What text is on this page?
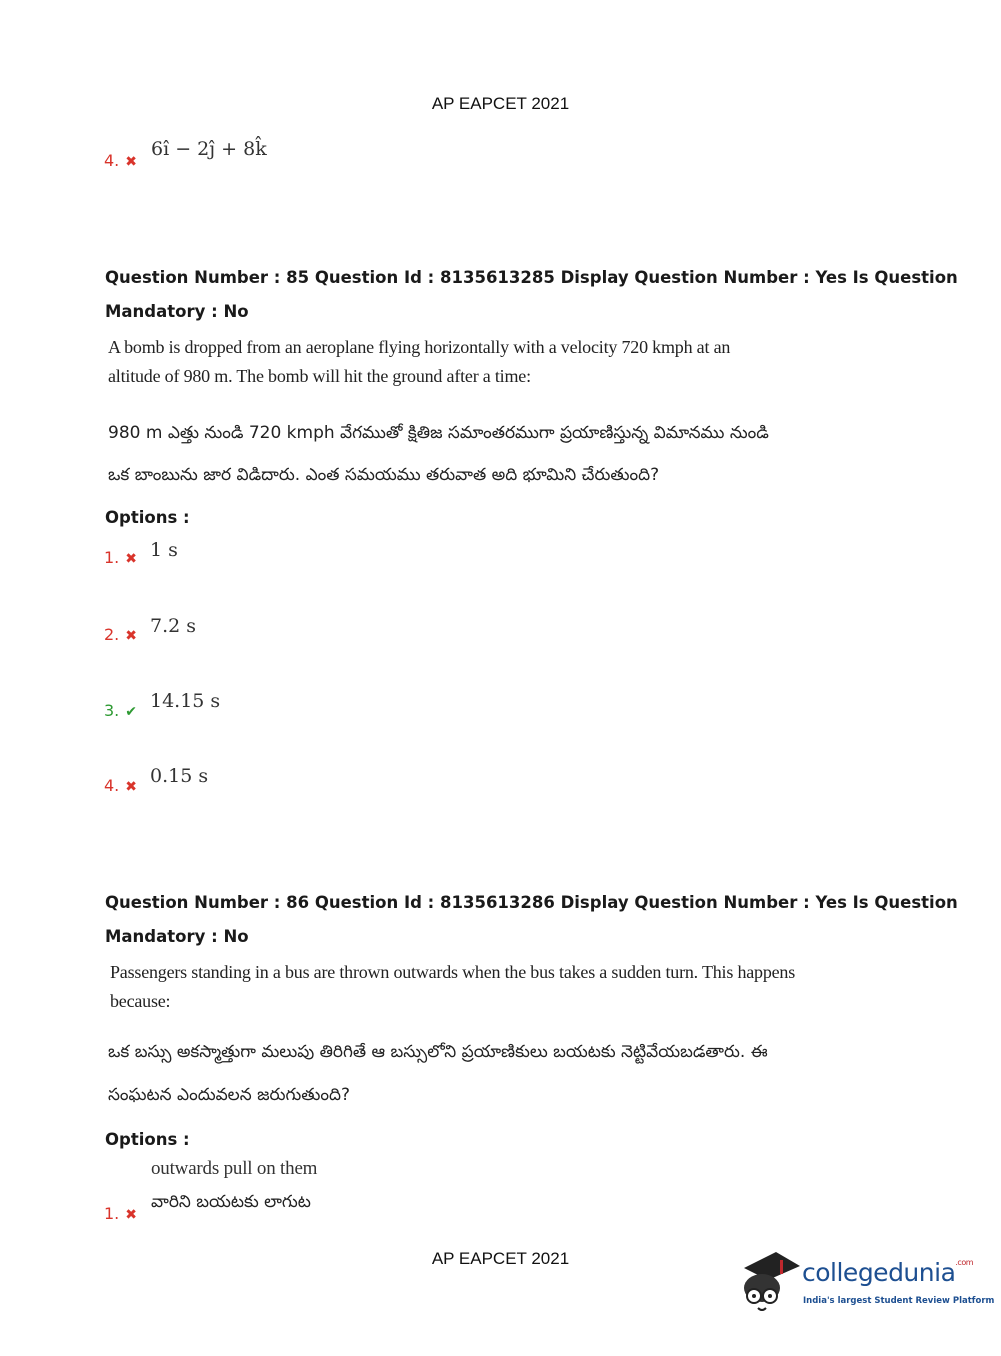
AP EAPCET 2021
4. ✖
6î − 2ĵ + 8k̂
Question Number : 85 Question Id : 8135613285 Display Question Number : Yes Is Question
Mandatory : No
A bomb is dropped from an aeroplane flying horizontally with a velocity 720 kmph at an
altitude of 980 m. The bomb will hit the ground after a time:
980 m ఎత్తు నుండి 720 kmph వేగముతో క్షితిజ సమాంతరముగా ప్రయాణిస్తున్న విమానము నుండి
ఒక బాంబును జార విడిదారు. ఎంత సమయము తరువాత అది భూమిని చేరుతుంది?
Options :
1. ✖ 1 s
2. ✖ 7.2 s
3. ✔ 14.15 s
4. ✖ 0.15 s
Question Number : 86 Question Id : 8135613286 Display Question Number : Yes Is Question
Mandatory : No
Passengers standing in a bus are thrown outwards when the bus takes a sudden turn. This happens
because:
ఒక బస్సు అకస్మాత్తుగా మలుపు తిరిగితే ఆ బస్సులోని ప్రయాణికులు బయటకు నెట్టివేయబడతారు. ఈ
సంఘటన ఎందువలన జరుగుతుంది?
Options :
outwards pull on them
వారిని బయటకు లాగుట
1. ✖
AP EAPCET 2021	collegedunia$^{.com}$
India's largest Student Review Platform
